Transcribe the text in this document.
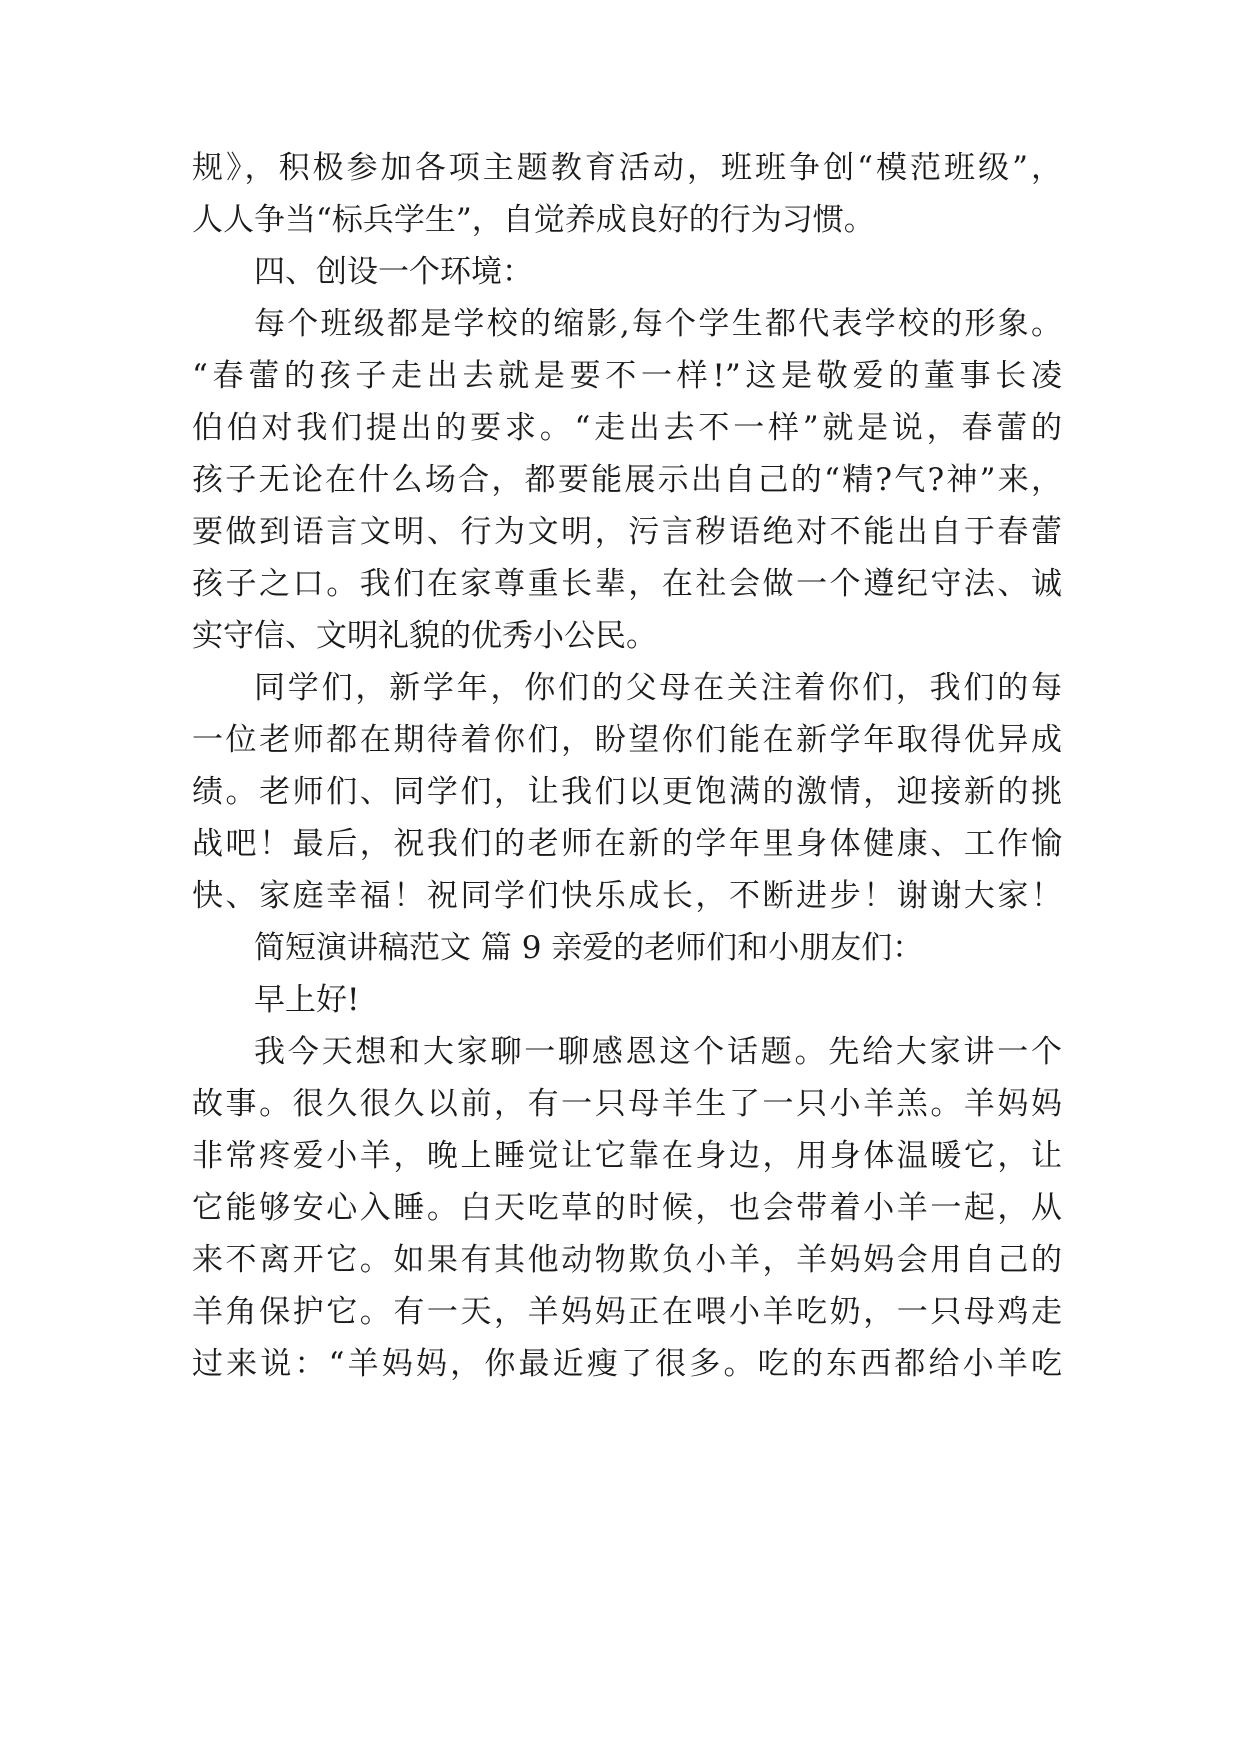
规》，积极参加各项主题教育活动，班班争创“模范班级”，
人人争当“标兵学生”，自觉养成良好的行为习惯。
四、创设一个环境：
每个班级都是学校的缩影,每个学生都代表学校的形象。
“春蕾的孩子走出去就是要不一样!”这是敬爱的董事长凌
伯伯对我们提出的要求。“走出去不一样”就是说，春蕾的
孩子无论在什么场合，都要能展示出自己的“精?气?神”来，
要做到语言文明、行为文明，污言秽语绝对不能出自于春蕾
孩子之口。我们在家尊重长辈，在社会做一个遵纪守法、诚
实守信、文明礼貌的优秀小公民。
同学们，新学年，你们的父母在关注着你们，我们的每
一位老师都在期待着你们，盼望你们能在新学年取得优异成
绩。老师们、同学们，让我们以更饱满的激情，迎接新的挑
战吧！最后，祝我们的老师在新的学年里身体健康、工作愉
快、家庭幸福！祝同学们快乐成长，不断进步！谢谢大家！
简短演讲稿范文 篇 9 亲爱的老师们和小朋友们：
早上好!
我今天想和大家聊一聊感恩这个话题。先给大家讲一个
故事。很久很久以前，有一只母羊生了一只小羊羔。羊妈妈
非常疼爱小羊，晚上睡觉让它靠在身边，用身体温暖它，让
它能够安心入睡。白天吃草的时候，也会带着小羊一起，从
来不离开它。如果有其他动物欺负小羊，羊妈妈会用自己的
羊角保护它。有一天，羊妈妈正在喂小羊吃奶，一只母鸡走
过来说：“羊妈妈，你最近瘦了很多。吃的东西都给小羊吃
